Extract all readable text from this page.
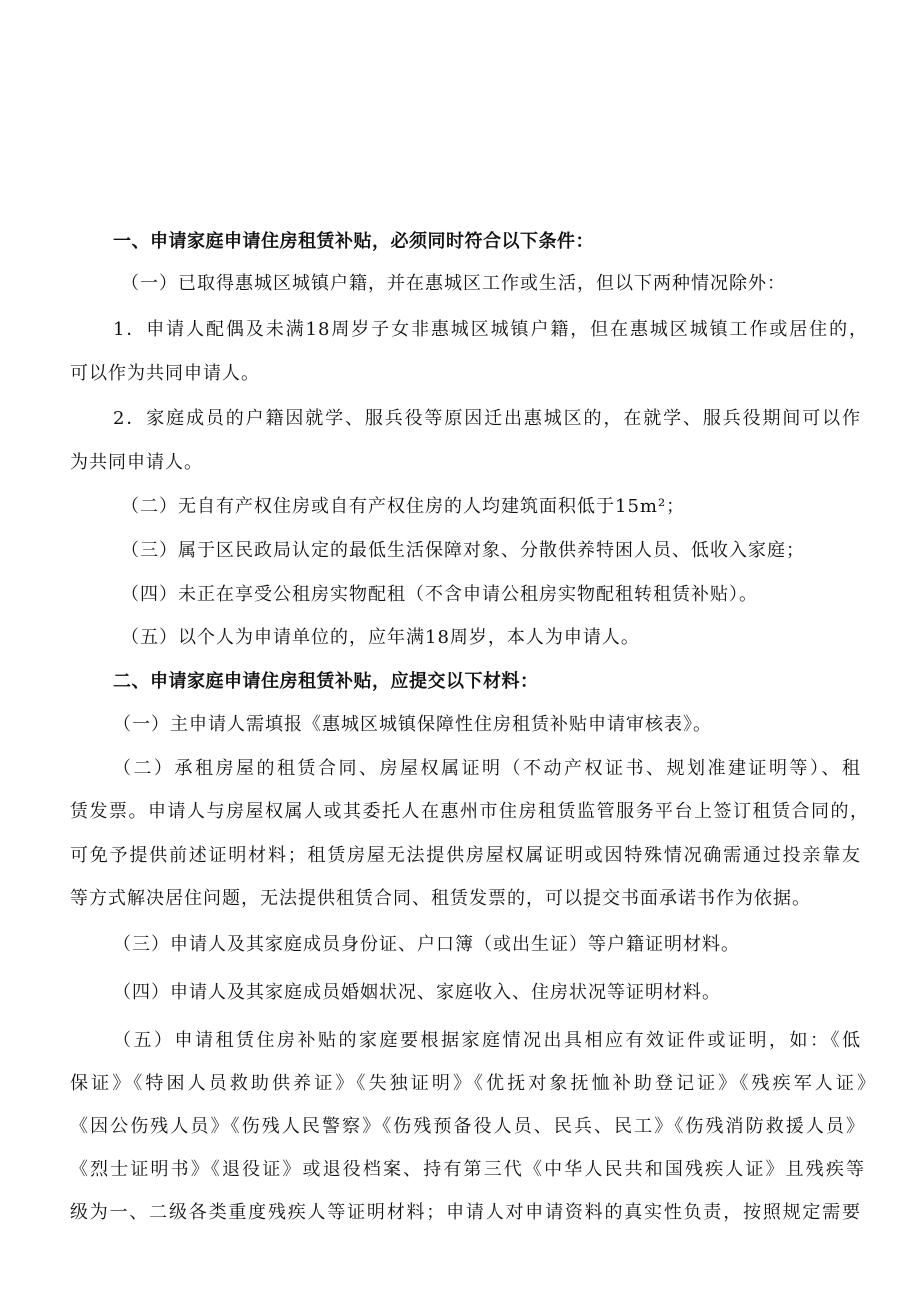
一、申请家庭申请住房租赁补贴，必须同时符合以下条件：
（一）已取得惠城区城镇户籍，并在惠城区工作或生活，但以下两种情况除外：
1．申请人配偶及未满18周岁子女非惠城区城镇户籍，但在惠城区城镇工作或居住的，
可以作为共同申请人。
2．家庭成员的户籍因就学、服兵役等原因迁出惠城区的，在就学、服兵役期间可以作
为共同申请人。
（二）无自有产权住房或自有产权住房的人均建筑面积低于15m²；
（三）属于区民政局认定的最低生活保障对象、分散供养特困人员、低收入家庭；
（四）未正在享受公租房实物配租（不含申请公租房实物配租转租赁补贴）。
（五）以个人为申请单位的，应年满18周岁，本人为申请人。
二、申请家庭申请住房租赁补贴，应提交以下材料：
（一）主申请人需填报《惠城区城镇保障性住房租赁补贴申请审核表》。
（二）承租房屋的租赁合同、房屋权属证明（不动产权证书、规划准建证明等）、租
赁发票。申请人与房屋权属人或其委托人在惠州市住房租赁监管服务平台上签订租赁合同的，
可免予提供前述证明材料；租赁房屋无法提供房屋权属证明或因特殊情况确需通过投亲靠友
等方式解决居住问题，无法提供租赁合同、租赁发票的，可以提交书面承诺书作为依据。
（三）申请人及其家庭成员身份证、户口簿（或出生证）等户籍证明材料。
（四）申请人及其家庭成员婚姻状况、家庭收入、住房状况等证明材料。
（五）申请租赁住房补贴的家庭要根据家庭情况出具相应有效证件或证明，如：《低
保证》《特困人员救助供养证》《失独证明》《优抚对象抚恤补助登记证》《残疾军人证》
《因公伤残人员》《伤残人民警察》《伤残预备役人员、民兵、民工》《伤残消防救援人员》
《烈士证明书》《退役证》或退役档案、持有第三代《中华人民共和国残疾人证》且残疾等
级为一、二级各类重度残疾人等证明材料；申请人对申请资料的真实性负责，按照规定需要
